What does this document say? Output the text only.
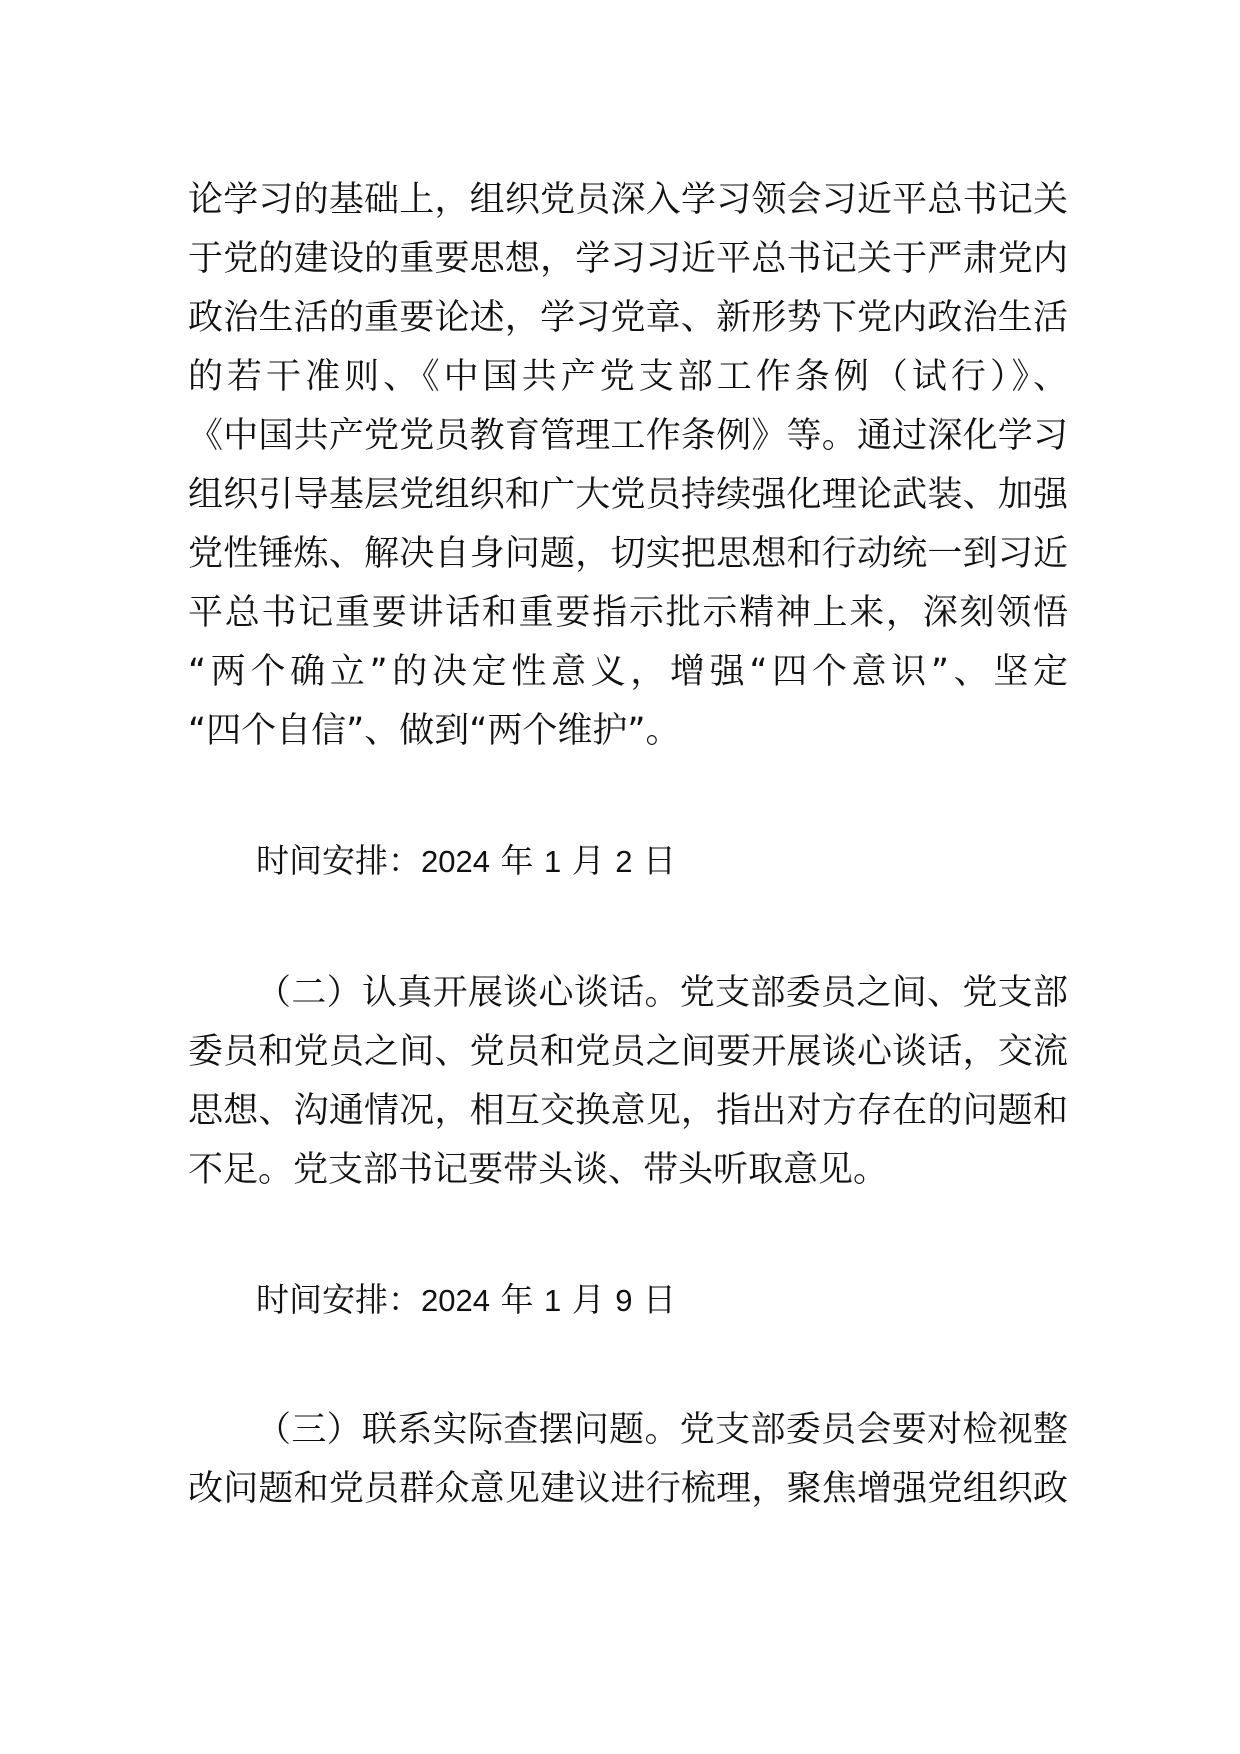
论学习的基础上，组织党员深入学习领会习近平总书记关
于党的建设的重要思想，学习习近平总书记关于严肃党内
政治生活的重要论述，学习党章、新形势下党内政治生活
的若干准则、《中国共产党支部工作条例（试行）》、
《中国共产党党员教育管理工作条例》等。通过深化学习
组织引导基层党组织和广大党员持续强化理论武装、加强
党性锤炼、解决自身问题，切实把思想和行动统一到习近
平总书记重要讲话和重要指示批示精神上来，深刻领悟
“两个确立”的决定性意义，增强“四个意识”、坚定
“四个自信”、做到“两个维护”。
时间安排：2024 年 1 月 2 日
（二）认真开展谈心谈话。党支部委员之间、党支部
委员和党员之间、党员和党员之间要开展谈心谈话，交流
思想、沟通情况，相互交换意见，指出对方存在的问题和
不足。党支部书记要带头谈、带头听取意见。
时间安排：2024 年 1 月 9 日
（三）联系实际查摆问题。党支部委员会要对检视整
改问题和党员群众意见建议进行梳理，聚焦增强党组织政
